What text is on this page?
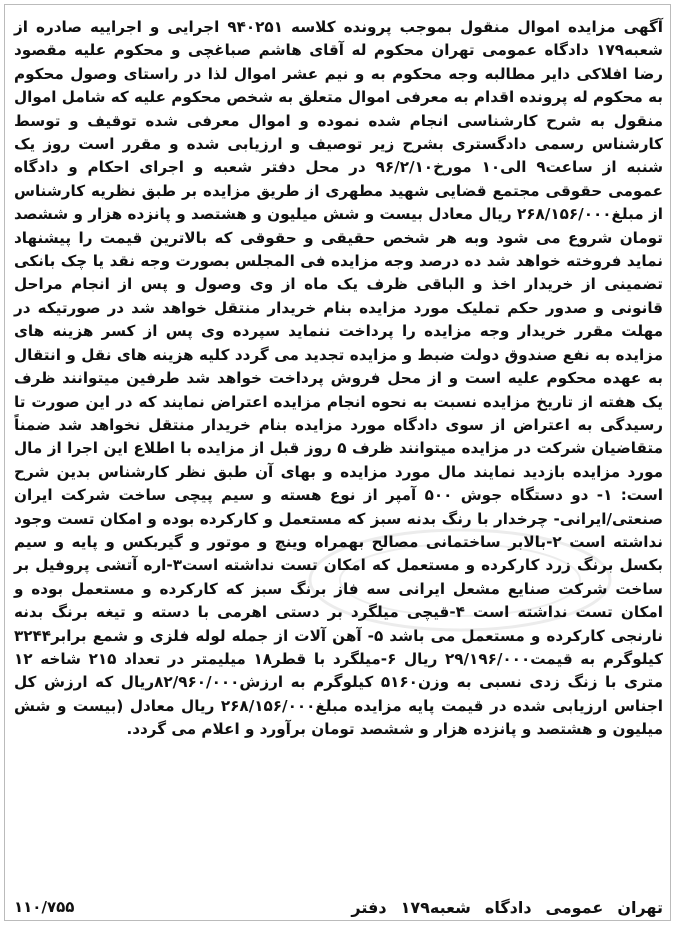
آگهی مزایده اموال منقول بموجب پرونده کلاسه ۹۴۰۲۵۱ اجرایی و اجراییه صادره از شعبه۱۷۹ دادگاه عمومی تهران محکوم له آقای هاشم صباغچی و محکوم علیه مقصود رضا افلاکی دایر مطالبه وجه محکوم به و نیم عشر اموال لذا در راستای وصول محکوم به محکوم له پرونده اقدام به معرفی اموال متعلق به شخص محکوم علیه که شامل اموال منقول به شرح کارشناسی انجام شده نموده و اموال معرفی شده توقیف و توسط کارشناس رسمی دادگستری بشرح زیر توصیف و ارزیابی شده و مقرر است روز یک شنبه از ساعت۹ الی۱۰ مورخ۹۶/۲/۱۰ در محل دفتر شعبه و اجرای احکام و دادگاه عمومی حقوقی مجتمع قضایی شهید مطهری از طریق مزایده بر طبق نظریه کارشناس از مبلغ۲۶۸/۱۵۶/۰۰۰ ریال معادل بیست و شش میلیون و هشتصد و پانزده هزار و ششصد تومان شروع می شود وبه هر شخص حقیقی و حقوقی که بالاترین قیمت را پیشنهاد نماید فروخته خواهد شد ده درصد وجه مزایده فی المجلس بصورت وجه نقد یا چک بانکی تضمینی از خریدار اخذ و الباقی ظرف یک ماه از وی وصول و پس از انجام مراحل قانونی و صدور حکم تملیک مورد مزایده بنام خریدار منتقل خواهد شد در صورتیکه در مهلت مقرر خریدار وجه مزایده را پرداخت ننماید سپرده وی پس از کسر هزینه های مزایده به نفع صندوق دولت ضبط و مزایده تجدید می گردد کلیه هزینه های نقل و انتقال به عهده محکوم علیه است و از محل فروش پرداخت خواهد شد طرفین میتوانند ظرف یک هفته از تاریخ مزایده نسبت به نحوه انجام مزایده اعتراض نمایند که در این صورت تا رسیدگی به اعتراض از سوی دادگاه مورد مزایده بنام خریدار منتقل نخواهد شد ضمناً متقاضیان شرکت در مزایده میتوانند ظرف ۵ روز قبل از مزایده با اطلاع این اجرا از مال مورد مزایده بازدید نمایند مال مورد مزایده و بهای آن طبق نظر کارشناس بدین شرح است: ۱- دو دستگاه جوش ۵۰۰ آمپر از نوع هسته و سیم پیچی ساخت شرکت ایران صنعتی/ایرانی- چرخدار با رنگ بدنه سبز که مستعمل و کارکرده بوده و امکان تست وجود نداشته است ۲-بالابر ساختمانی مصالح بهمراه وینچ و موتور و گیربکس و پایه و سیم بکسل برنگ زرد کارکرده و مستعمل که امکان تست نداشته است۳-اره آتشی پروفیل بر ساخت شرکت صنایع مشعل ایرانی سه فاز برنگ سبز که کارکرده و مستعمل بوده و امکان تست نداشته است ۴-قیچی میلگرد بر دستی اهرمی با دسته و تیغه برنگ بدنه نارنجی کارکرده و مستعمل می باشد ۵- آهن آلات از جمله لوله فلزی و شمع برابر۳۲۴۴ کیلوگرم به قیمت۲۹/۱۹۶/۰۰۰ ریال ۶-میلگرد با قطر۱۸ میلیمتر در تعداد ۲۱۵ شاخه ۱۲ متری با زنگ زدی نسبی به وزن۵۱۶۰ کیلوگرم به ارزش۸۲/۹۶۰/۰۰۰ریال که ارزش کل اجناس ارزیابی شده در قیمت پایه مزایده مبلغ۲۶۸/۱۵۶/۰۰۰ ریال معادل (بیست و شش میلیون و هشتصد و پانزده هزار و ششصد تومان برآورد و اعلام می گردد.
تهران
عمومی
دادگاه
شعبه۱۷۹
دفتر
۱۱۰/۷۵۵
